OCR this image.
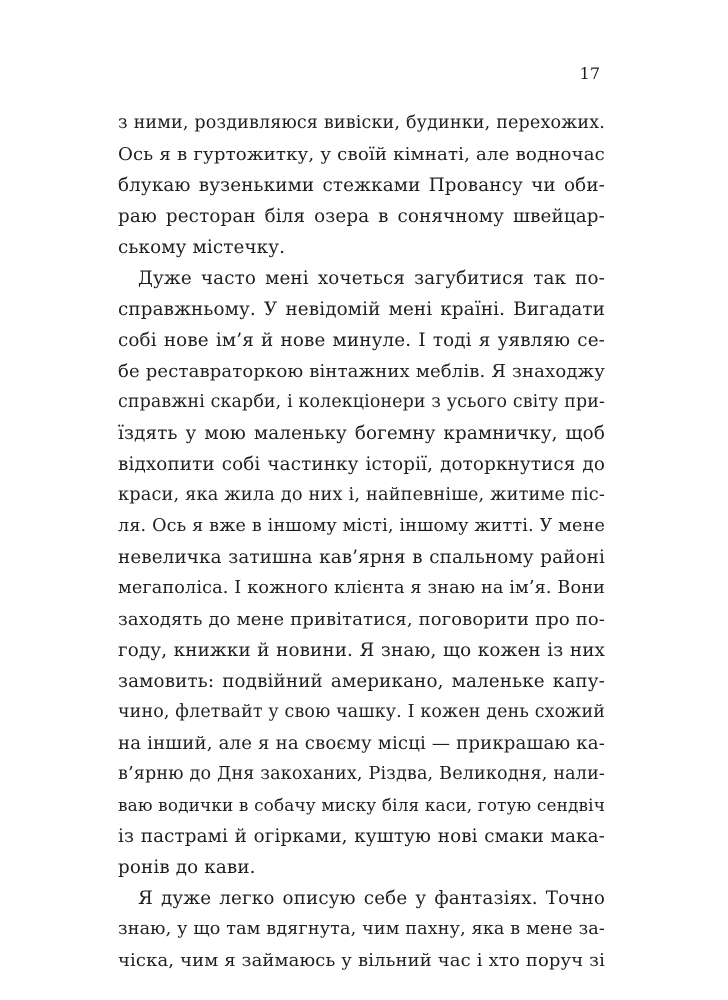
17
з ними, роздивляюся вивіски, будинки, перехожих.
Ось я в гуртожитку, у своїй кімнаті, але водночас
блукаю вузенькими стежками Провансу чи оби-
раю ресторан біля озера в сонячному швейцар-
ському містечку.
Дуже часто мені хочеться загубитися так по-
справжньому. У невідомій мені країні. Вигадати
собі нове ім’я й нове минуле. І тоді я уявляю се-
бе реставраторкою вінтажних меблів. Я знаходжу
справжні скарби, і колекціонери з усього світу при-
їздять у мою маленьку богемну крамничку, щоб
відхопити собі частинку історії, доторкнутися до
краси, яка жила до них і, найпевніше, житиме піс-
ля. Ось я вже в іншому місті, іншому житті. У мене
невеличка затишна кав’ярня в спальному районі
мегаполіса. І кожного клієнта я знаю на ім’я. Вони
заходять до мене привітатися, поговорити про по-
году, книжки й новини. Я знаю, що кожен із них
замовить: подвійний американо, маленьке капу-
чино, флетвайт у свою чашку. І кожен день схожий
на інший, але я на своєму місці — прикрашаю ка-
в’ярню до Дня закоханих, Різдва, Великодня, нали-
ваю водички в собачу миску біля каси, готую сендвіч
із пастрамі й огірками, куштую нові смаки мака-
ронів до кави.
Я дуже легко описую себе у фантазіях. Точно
знаю, у що там вдягнута, чим пахну, яка в мене за-
чіска, чим я займаюсь у вільний час і хто поруч зі
